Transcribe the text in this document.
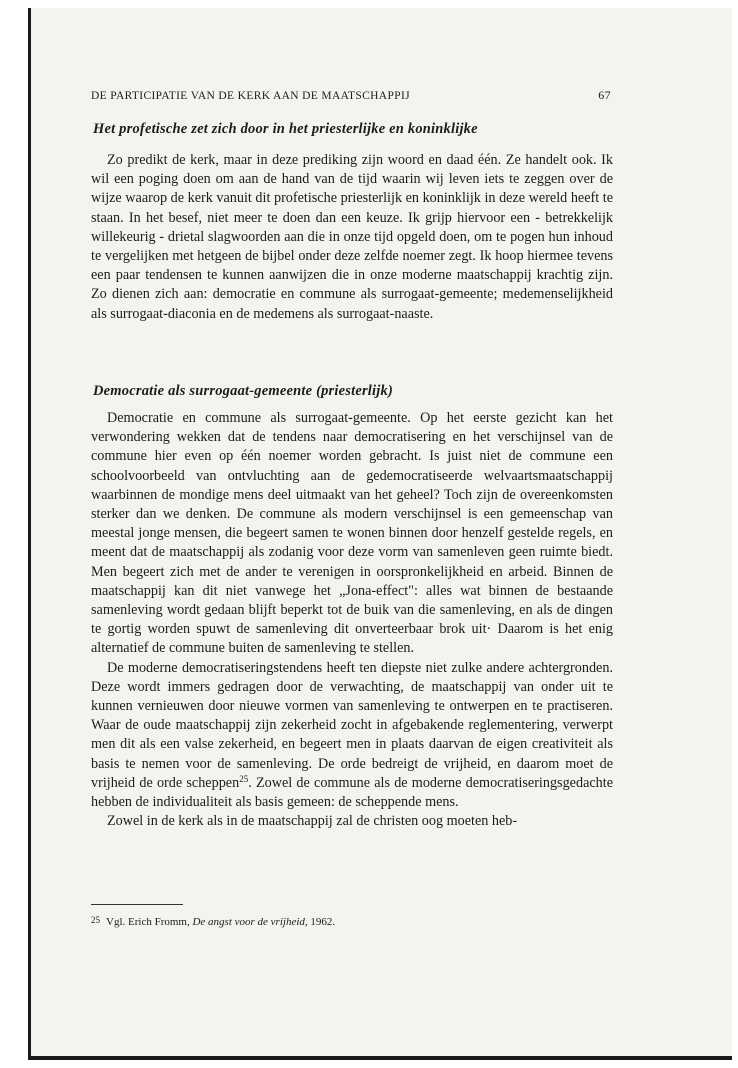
DE PARTICIPATIE VAN DE KERK AAN DE MAATSCHAPPIJ	67
Het profetische zet zich door in het priesterlijke en koninklijke

Zo predikt de kerk, maar in deze prediking zijn woord en daad één. Ze handelt ook. Ik wil een poging doen om aan de hand van de tijd waarin wij leven iets te zeggen over de wijze waarop de kerk vanuit dit profetische priesterlijk en koninklijk in deze wereld heeft te staan. In het besef, niet meer te doen dan een keuze. Ik grijp hiervoor een - betrekkelijk willekeurig - drietal slagwoorden aan die in onze tijd opgeld doen, om te pogen hun inhoud te vergelijken met hetgeen de bijbel onder deze zelfde noemer zegt. Ik hoop hiermee tevens een paar tendensen te kunnen aanwijzen die in onze moderne maatschappij krachtig zijn. Zo dienen zich aan: democratie en commune als surrogaat-gemeente; medemenselijkheid als surrogaat-diaconia en de medemens als surrogaat-naaste.

Democratie als surrogaat-gemeente (priesterlijk)

Democratie en commune als surrogaat-gemeente. Op het eerste gezicht kan het verwondering wekken dat de tendens naar democratisering en het verschijnsel van de commune hier even op één noemer worden gebracht. Is juist niet de commune een schoolvoorbeeld van ontvluchting aan de gedemocratiseerde welvaartsmaatschappij waarbinnen de mondige mens deel uitmaakt van het geheel? Toch zijn de overeenkomsten sterker dan we denken. De commune als modern verschijnsel is een gemeenschap van meestal jonge mensen, die begeert samen te wonen binnen door henzelf gestelde regels, en meent dat de maatschappij als zodanig voor deze vorm van samenleven geen ruimte biedt. Men begeert zich met de ander te verenigen in oorspronkelijkheid en arbeid. Binnen de maatschappij kan dit niet vanwege het „Jona-effect": alles wat binnen de bestaande samenleving wordt gedaan blijft beperkt tot de buik van die samenleving, en als de dingen te gortig worden spuwt de samenleving dit onverteerbaar brok uit· Daarom is het enig alternatief de commune buiten de samenleving te stellen.

De moderne democratiseringstendens heeft ten diepste niet zulke andere achtergronden. Deze wordt immers gedragen door de verwachting, de maatschappij van onder uit te kunnen vernieuwen door nieuwe vormen van samenleving te ontwerpen en te practiseren. Waar de oude maatschappij zijn zekerheid zocht in afgebakende reglementering, verwerpt men dit als een valse zekerheid, en begeert men in plaats daarvan de eigen creativiteit als basis te nemen voor de samenleving. De orde bedreigt de vrijheid, en daarom moet de vrijheid de orde scheppen$^{25}$. Zowel de commune als de moderne democratiseringsgedachte hebben de individualiteit als basis gemeen: de scheppende mens.

Zowel in de kerk als in de maatschappij zal de christen oog moeten heb-

25 Vgl. Erich Fromm, De angst voor de vrijheid, 1962.
